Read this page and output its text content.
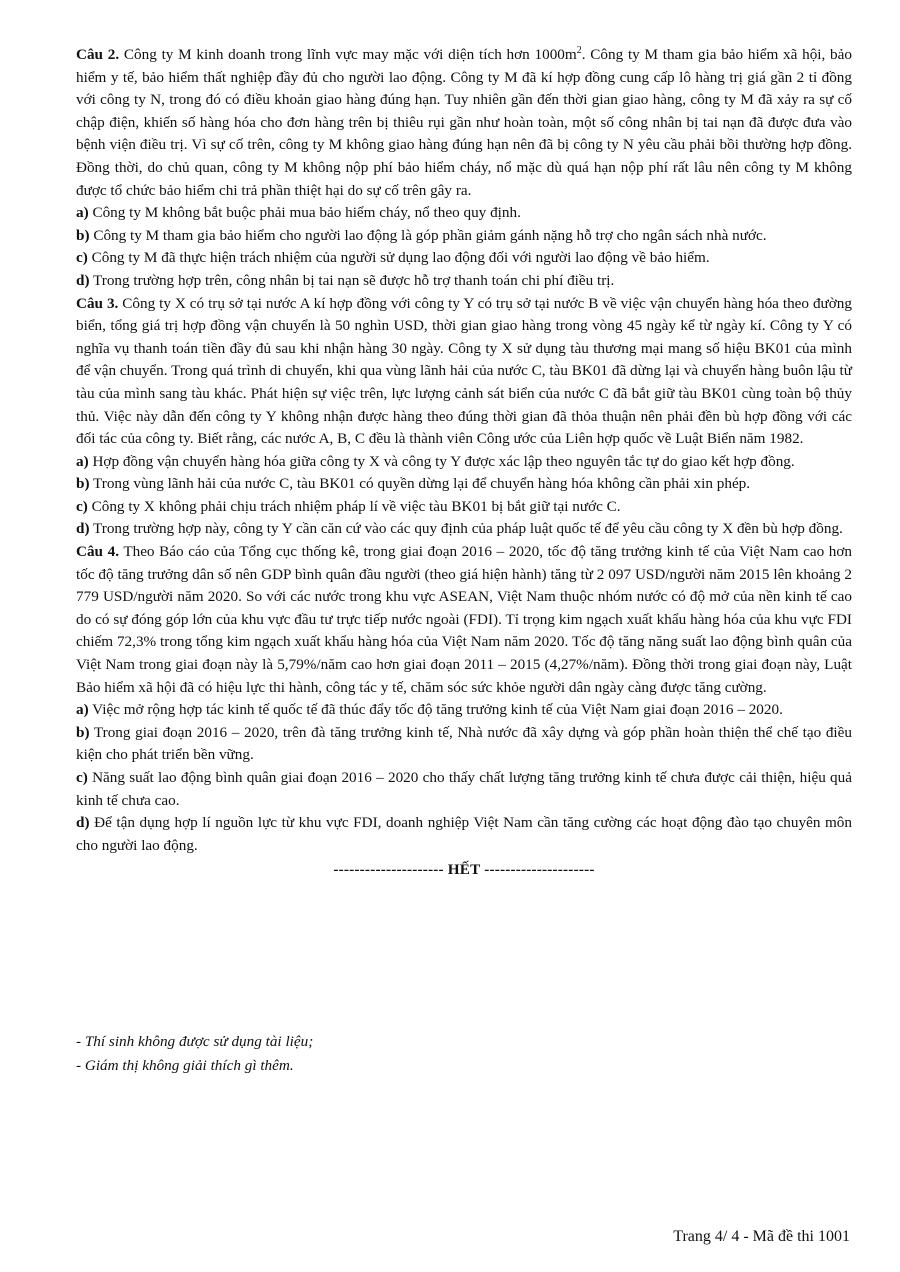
Câu 2. Công ty M kinh doanh trong lĩnh vực may mặc với diện tích hơn $1000m^2$. Công ty M tham gia bảo hiểm xã hội, bảo hiểm y tế, bảo hiểm thất nghiệp đầy đủ cho người lao động. Công ty M đã kí hợp đồng cung cấp lô hàng trị giá gần 2 tỉ đồng với công ty N, trong đó có điều khoản giao hàng đúng hạn. Tuy nhiên gần đến thời gian giao hàng, công ty M đã xảy ra sự cố chập điện, khiến số hàng hóa cho đơn hàng trên bị thiêu rụi gần như hoàn toàn, một số công nhân bị tai nạn đã được đưa vào bệnh viện điều trị. Vì sự cố trên, công ty M không giao hàng đúng hạn nên đã bị công ty N yêu cầu phải bồi thường hợp đồng. Đồng thời, do chủ quan, công ty M không nộp phí bảo hiểm cháy, nổ mặc dù quá hạn nộp phí rất lâu nên công ty M không được tổ chức bảo hiểm chi trả phần thiệt hại do sự cố trên gây ra.

a) Công ty M không bắt buộc phải mua bảo hiểm cháy, nổ theo quy định.

b) Công ty M tham gia bảo hiểm cho người lao động là góp phần giảm gánh nặng hỗ trợ cho ngân sách nhà nước.

c) Công ty M đã thực hiện trách nhiệm của người sử dụng lao động đối với người lao động về bảo hiểm.

d) Trong trường hợp trên, công nhân bị tai nạn sẽ được hỗ trợ thanh toán chi phí điều trị.

Câu 3. Công ty X có trụ sở tại nước A kí hợp đồng với công ty Y có trụ sở tại nước B về việc vận chuyển hàng hóa theo đường biển, tổng giá trị hợp đồng vận chuyển là 50 nghìn USD, thời gian giao hàng trong vòng 45 ngày kể từ ngày kí. Công ty Y có nghĩa vụ thanh toán tiền đầy đủ sau khi nhận hàng 30 ngày. Công ty X sử dụng tàu thương mại mang số hiệu BK01 của mình để vận chuyển. Trong quá trình di chuyển, khi qua vùng lãnh hải của nước C, tàu BK01 đã dừng lại và chuyển hàng buôn lậu từ tàu của mình sang tàu khác. Phát hiện sự việc trên, lực lượng cảnh sát biển của nước C đã bắt giữ tàu BK01 cùng toàn bộ thủy thủ. Việc này dẫn đến công ty Y không nhận được hàng theo đúng thời gian đã thỏa thuận nên phải đền bù hợp đồng với các đối tác của công ty. Biết rằng, các nước A, B, C đều là thành viên Công ước của Liên hợp quốc về Luật Biển năm 1982.

a) Hợp đồng vận chuyển hàng hóa giữa công ty X và công ty Y được xác lập theo nguyên tắc tự do giao kết hợp đồng.

b) Trong vùng lãnh hải của nước C, tàu BK01 có quyền dừng lại để chuyển hàng hóa không cần phải xin phép.

c) Công ty X không phải chịu trách nhiệm pháp lí về việc tàu BK01 bị bắt giữ tại nước C.

d) Trong trường hợp này, công ty Y cần căn cứ vào các quy định của pháp luật quốc tế để yêu cầu công ty X đền bù hợp đồng.

Câu 4. Theo Báo cáo của Tổng cục thống kê, trong giai đoạn 2016 – 2020, tốc độ tăng trưởng kinh tế của Việt Nam cao hơn tốc độ tăng trưởng dân số nên GDP bình quân đầu người (theo giá hiện hành) tăng từ 2 097 USD/người năm 2015 lên khoảng 2 779 USD/người năm 2020. So với các nước trong khu vực ASEAN, Việt Nam thuộc nhóm nước có độ mở của nền kinh tế cao do có sự đóng góp lớn của khu vực đầu tư trực tiếp nước ngoài (FDI). Tỉ trọng kim ngạch xuất khẩu hàng hóa của khu vực FDI chiếm 72,3% trong tổng kim ngạch xuất khẩu hàng hóa của Việt Nam năm 2020. Tốc độ tăng năng suất lao động bình quân của Việt Nam trong giai đoạn này là 5,79%/năm cao hơn giai đoạn 2011 – 2015 (4,27%/năm). Đồng thời trong giai đoạn này, Luật Bảo hiểm xã hội đã có hiệu lực thi hành, công tác y tế, chăm sóc sức khỏe người dân ngày càng được tăng cường.

a) Việc mở rộng hợp tác kinh tế quốc tế đã thúc đẩy tốc độ tăng trưởng kinh tế của Việt Nam giai đoạn 2016 – 2020.

b) Trong giai đoạn 2016 – 2020, trên đà tăng trưởng kinh tế, Nhà nước đã xây dựng và góp phần hoàn thiện thể chế tạo điều kiện cho phát triển bền vững.

c) Năng suất lao động bình quân giai đoạn 2016 – 2020 cho thấy chất lượng tăng trưởng kinh tế chưa được cải thiện, hiệu quả kinh tế chưa cao.

d) Để tận dụng hợp lí nguồn lực từ khu vực FDI, doanh nghiệp Việt Nam cần tăng cường các hoạt động đào tạo chuyên môn cho người lao động.

--------------------- HẾT ---------------------
- Thí sinh không được sử dụng tài liệu;
- Giám thị không giải thích gì thêm.
Trang 4/ 4 - Mã đề thi 1001
